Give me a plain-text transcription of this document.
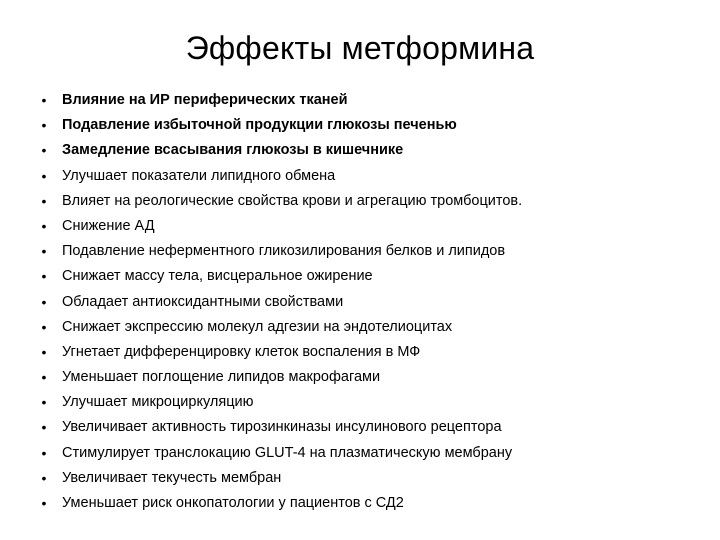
Эффекты метформина
• Влияние на ИР периферических тканей
• Подавление избыточной продукции глюкозы печенью
• Замедление всасывания глюкозы в кишечнике
• Улучшает показатели липидного обмена
• Влияет на реологические свойства крови и агрегацию тромбоцитов.
• Снижение АД
• Подавление неферментного гликозилирования белков и липидов
• Снижает массу тела, висцеральное ожирение
• Обладает антиоксидантными свойствами
• Снижает экспрессию молекул адгезии на эндотелиоцитах
• Угнетает дифференцировку клеток воспаления в МФ
• Уменьшает поглощение липидов макрофагами
• Улучшает микроциркуляцию
• Увеличивает активность тирозинкиназы инсулинового рецептора
• Стимулирует транслокацию GLUT-4 на плазматическую мембрану
• Увеличивает текучесть мембран
• Уменьшает риск онкопатологии у пациентов с СД2
